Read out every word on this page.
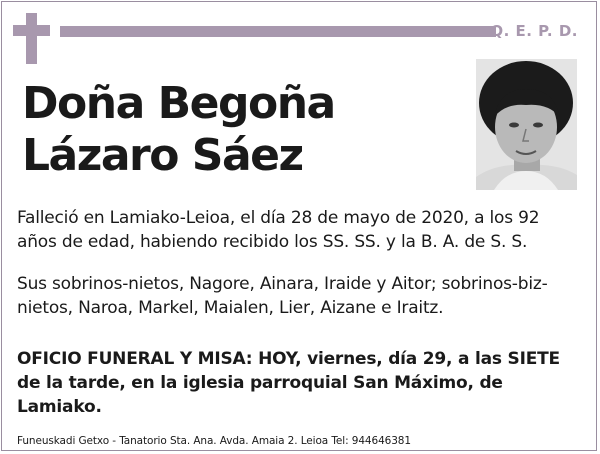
Q. E. P. D.
Doña Begoña
Lázaro Sáez
Falleció en Lamiako-Leioa, el día 28 de mayo de 2020, a los 92 años de edad, habiendo recibido los SS. SS. y la B. A. de S. S.
Sus sobrinos-nietos, Nagore, Ainara, Iraide y Aitor; sobrinos-biz-nietos, Naroa, Markel, Maialen, Lier, Aizane e Iraitz.
OFICIO FUNERAL Y MISA: HOY, viernes, día 29, a las SIETE de la tarde, en la iglesia parroquial San Máximo, de Lamiako.
Funeuskadi Getxo - Tanatorio Sta. Ana. Avda. Amaia 2. Leioa Tel: 944646381
